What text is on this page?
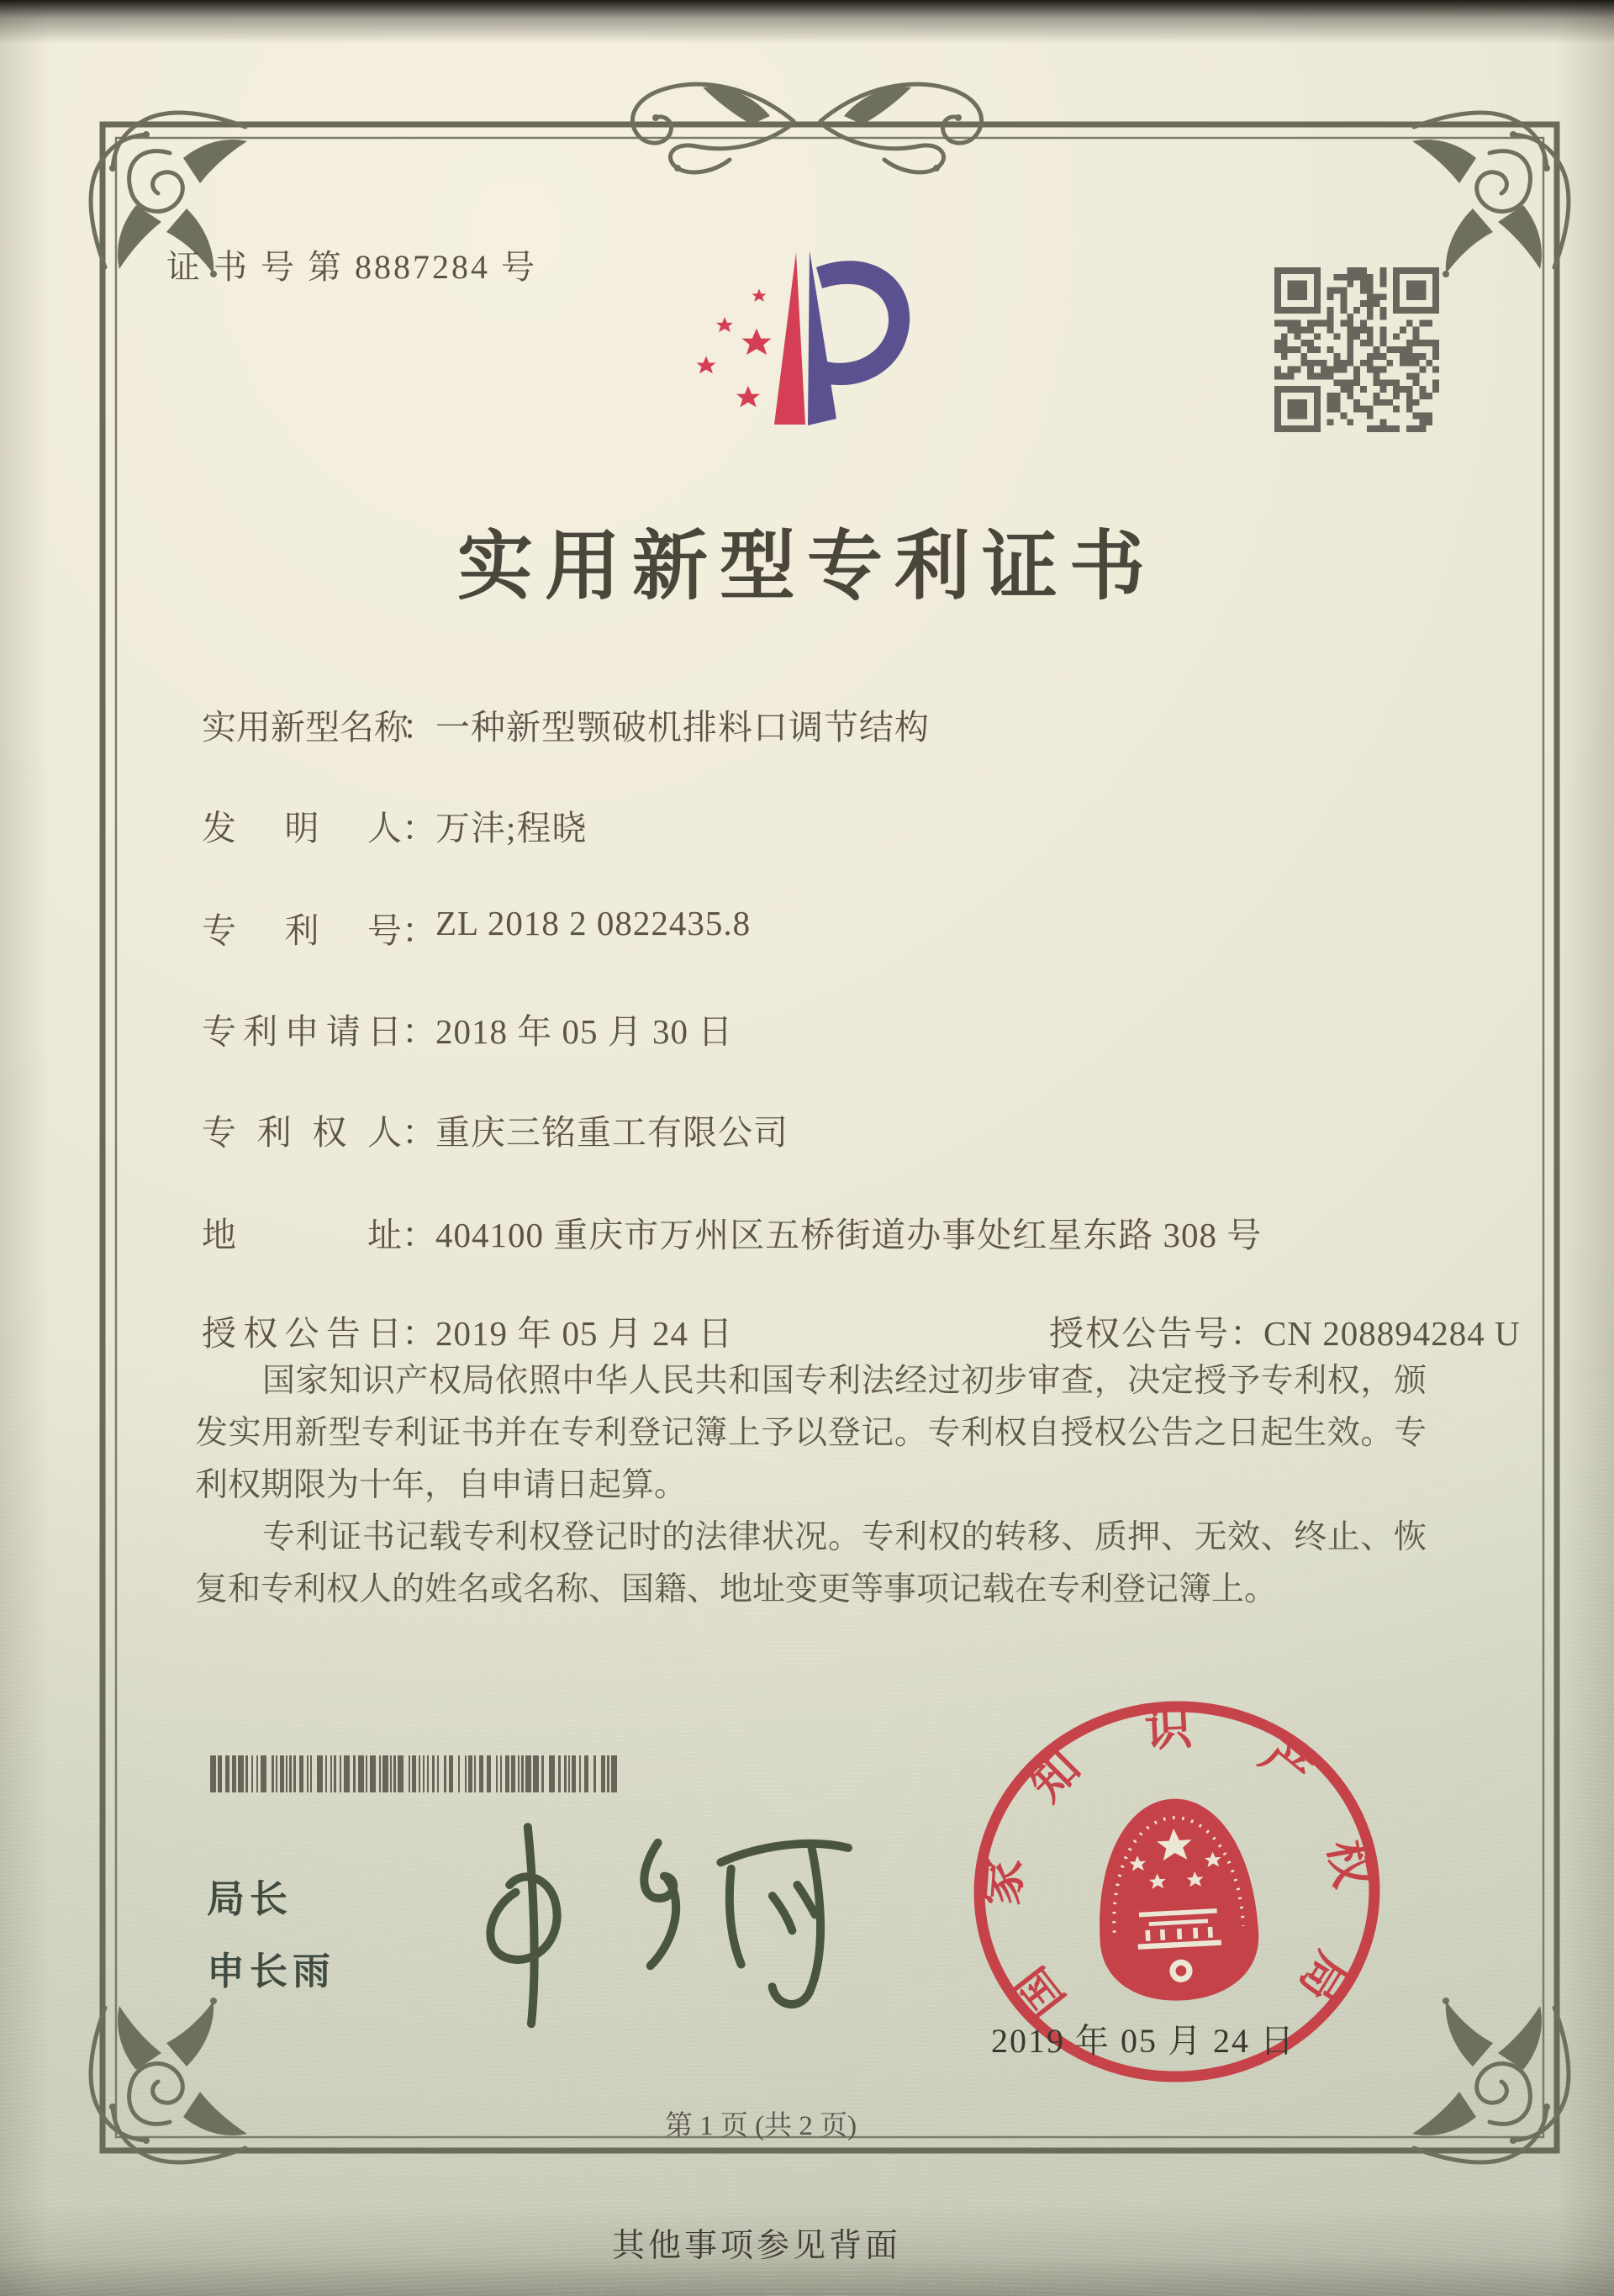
证 书 号 第 8887284 号
实用新型专利证书
实用新型名称：一种新型颚破机排料口调节结构
发明人：万沣;程晓
专利号：ZL 2018 2 0822435.8
专利申请日：2018 年 05 月 30 日
专利权人：重庆三铭重工有限公司
地址：404100 重庆市万州区五桥街道办事处红星东路 308 号
授权公告日：2019 年 05 月 24 日	授权公告号：CN 208894284 U

国家知识产权局依照中华人民共和国专利法经过初步审查，决定授予专利权，颁发实用新型专利证书并在专利登记簿上予以登记。专利权自授权公告之日起生效。专利权期限为十年，自申请日起算。

专利证书记载专利权登记时的法律状况。专利权的转移、质押、无效、终止、恢复和专利权人的姓名或名称、国籍、地址变更等事项记载在专利登记簿上。

局长
申长雨	国
家
知
识 产
权
局
2019 年 05 月 24 日
第 1 页 (共 2 页)
其他事项参见背面
